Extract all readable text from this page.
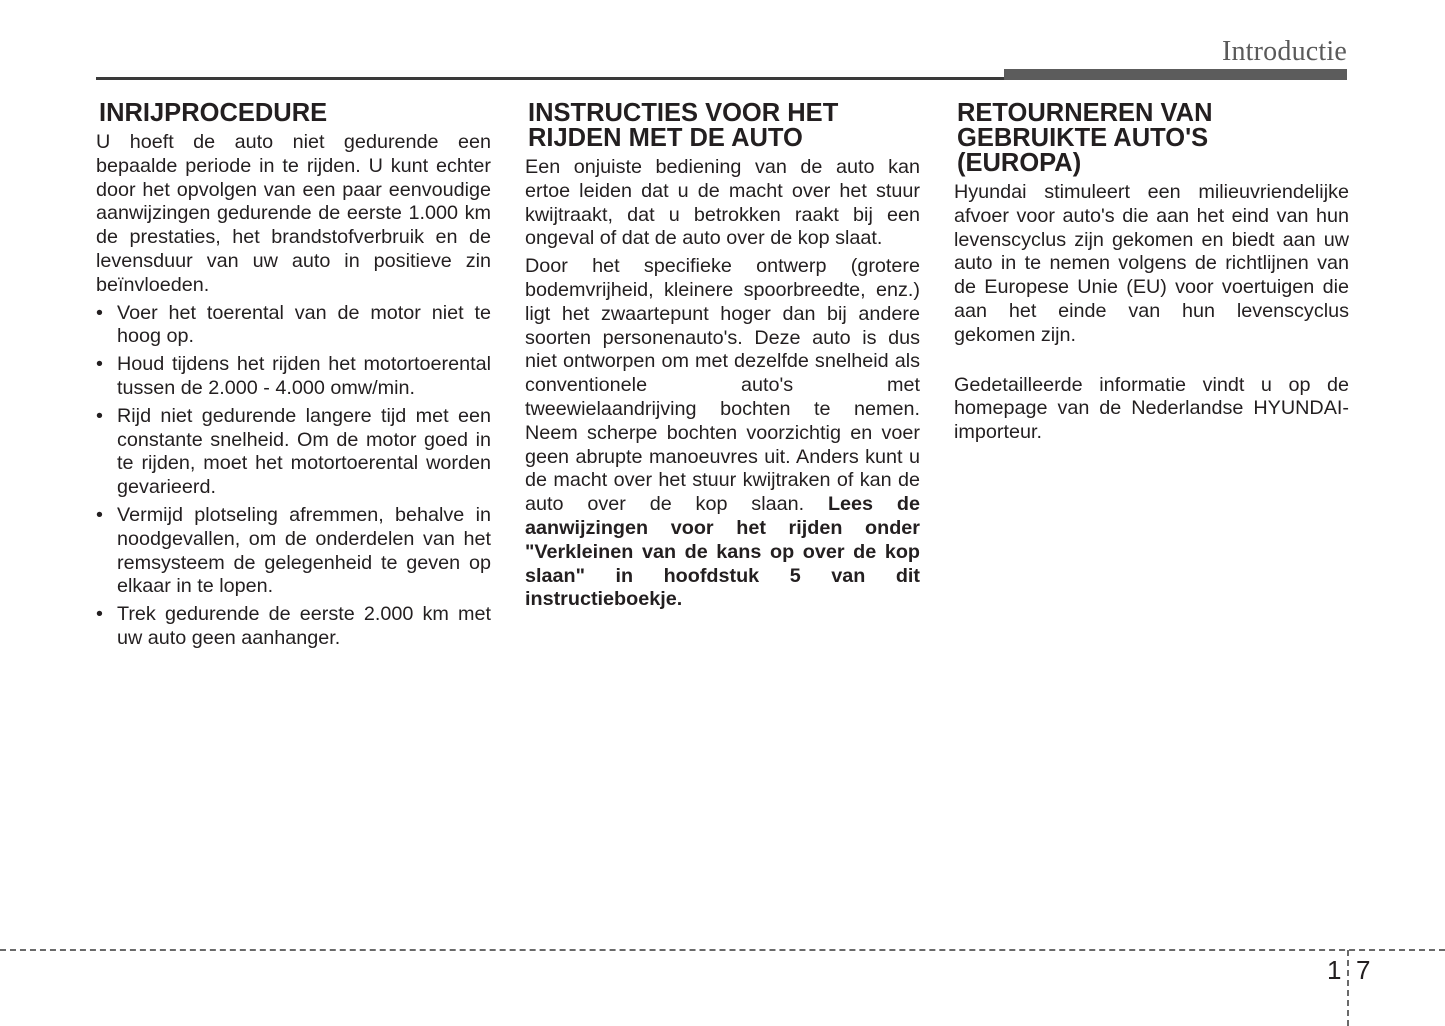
Introductie
INRIJPROCEDURE

U hoeft de auto niet gedurende een bepaalde periode in te rijden. U kunt echter door het opvolgen van een paar eenvoudige aanwijzingen gedurende de eerste 1.000 km de prestaties, het brandstofverbruik en de levensduur van uw auto in positieve zin beïnvloeden.

• Voer het toerental van de motor niet te hoog op.
• Houd tijdens het rijden het motortoerental tussen de 2.000 - 4.000 omw/min.
• Rijd niet gedurende langere tijd met een constante snelheid. Om de motor goed in te rijden, moet het motortoerental worden gevarieerd.
• Vermijd plotseling afremmen, behalve in noodgevallen, om de onderdelen van het remsysteem de gelegenheid te geven op elkaar in te lopen.
• Trek gedurende de eerste 2.000 km met uw auto geen aanhanger.
INSTRUCTIES VOOR HET
RIJDEN MET DE AUTO

Een onjuiste bediening van de auto kan ertoe leiden dat u de macht over het stuur kwijtraakt, dat u betrokken raakt bij een ongeval of dat de auto over de kop slaat.

Door het specifieke ontwerp (grotere bodemvrijheid, kleinere spoorbreedte, enz.) ligt het zwaartepunt hoger dan bij andere soorten personenauto's. Deze auto is dus niet ontworpen om met dezelfde snelheid als conventionele auto's met tweewielaandrijving bochten te nemen. Neem scherpe bochten voorzichtig en voer geen abrupte manoeuvres uit. Anders kunt u de macht over het stuur kwijtraken of kan de auto over de kop slaan. Lees de aanwijzingen voor het rijden onder "Verkleinen van de kans op over de kop slaan" in hoofdstuk 5 van dit instructieboekje.

RETOURNEREN VAN
GEBRUIKTE AUTO'S
(EUROPA)

Hyundai stimuleert een milieuvriendelijke afvoer voor auto's die aan het eind van hun levenscyclus zijn gekomen en biedt aan uw auto in te nemen volgens de richtlijnen van de Europese Unie (EU) voor voertuigen die aan het einde van hun levenscyclus gekomen zijn.

Gedetailleerde informatie vindt u op de homepage van de Nederlandse HYUNDAI-importeur.

1 7
